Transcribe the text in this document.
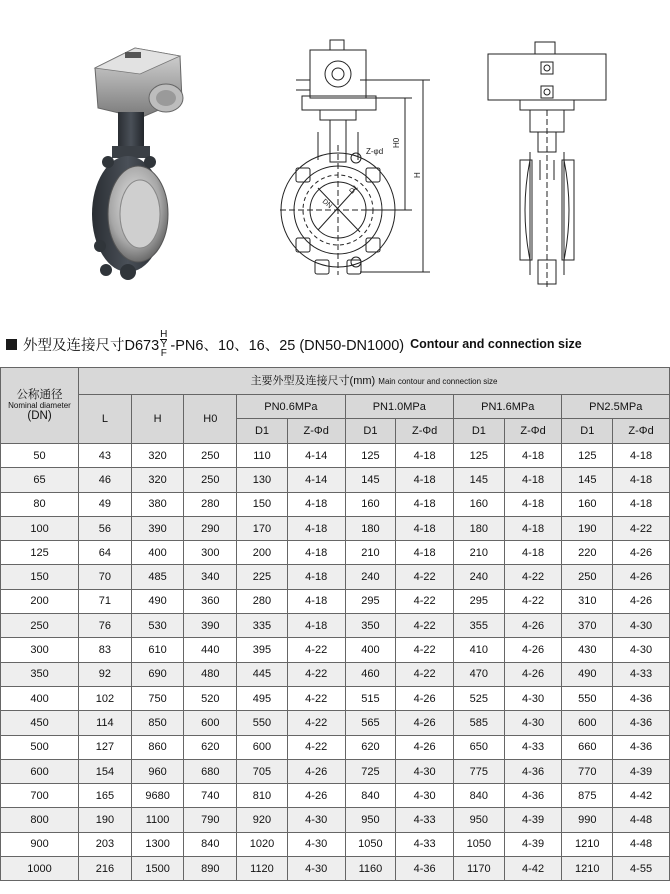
H0
H
Z-φd
D1
DN
外型及连接尺寸D673
H
Y
F -PN6、10、16、25 (DN50-DN1000) Contour and connection size
公称通径
Nominal diameter
(DN)	主要外型及连接尺寸(mm) Main contour and connection size										
	L	H	H0	PN0.6MPa		PN1.0MPa		PN1.6MPa		PN2.5MPa	
				D1	Z-Φd	D1	Z-Φd	D1	Z-Φd	D1	Z-Φd
50	43	320	250	110	4-14	125	4-18	125	4-18	125	4-18
65	46	320	250	130	4-14	145	4-18	145	4-18	145	4-18
80	49	380	280	150	4-18	160	4-18	160	4-18	160	4-18
100	56	390	290	170	4-18	180	4-18	180	4-18	190	4-22
125	64	400	300	200	4-18	210	4-18	210	4-18	220	4-26
150	70	485	340	225	4-18	240	4-22	240	4-22	250	4-26
200	71	490	360	280	4-18	295	4-22	295	4-22	310	4-26
250	76	530	390	335	4-18	350	4-22	355	4-26	370	4-30
300	83	610	440	395	4-22	400	4-22	410	4-26	430	4-30
350	92	690	480	445	4-22	460	4-22	470	4-26	490	4-33
400	102	750	520	495	4-22	515	4-26	525	4-30	550	4-36
450	114	850	600	550	4-22	565	4-26	585	4-30	600	4-36
500	127	860	620	600	4-22	620	4-26	650	4-33	660	4-36
600	154	960	680	705	4-26	725	4-30	775	4-36	770	4-39
700	165	9680	740	810	4-26	840	4-30	840	4-36	875	4-42
800	190	1100	790	920	4-30	950	4-33	950	4-39	990	4-48
900	203	1300	840	1020	4-30	1050	4-33	1050	4-39	1210	4-48
1000	216	1500	890	1120	4-30	1160	4-36	1170	4-42	1210	4-55
